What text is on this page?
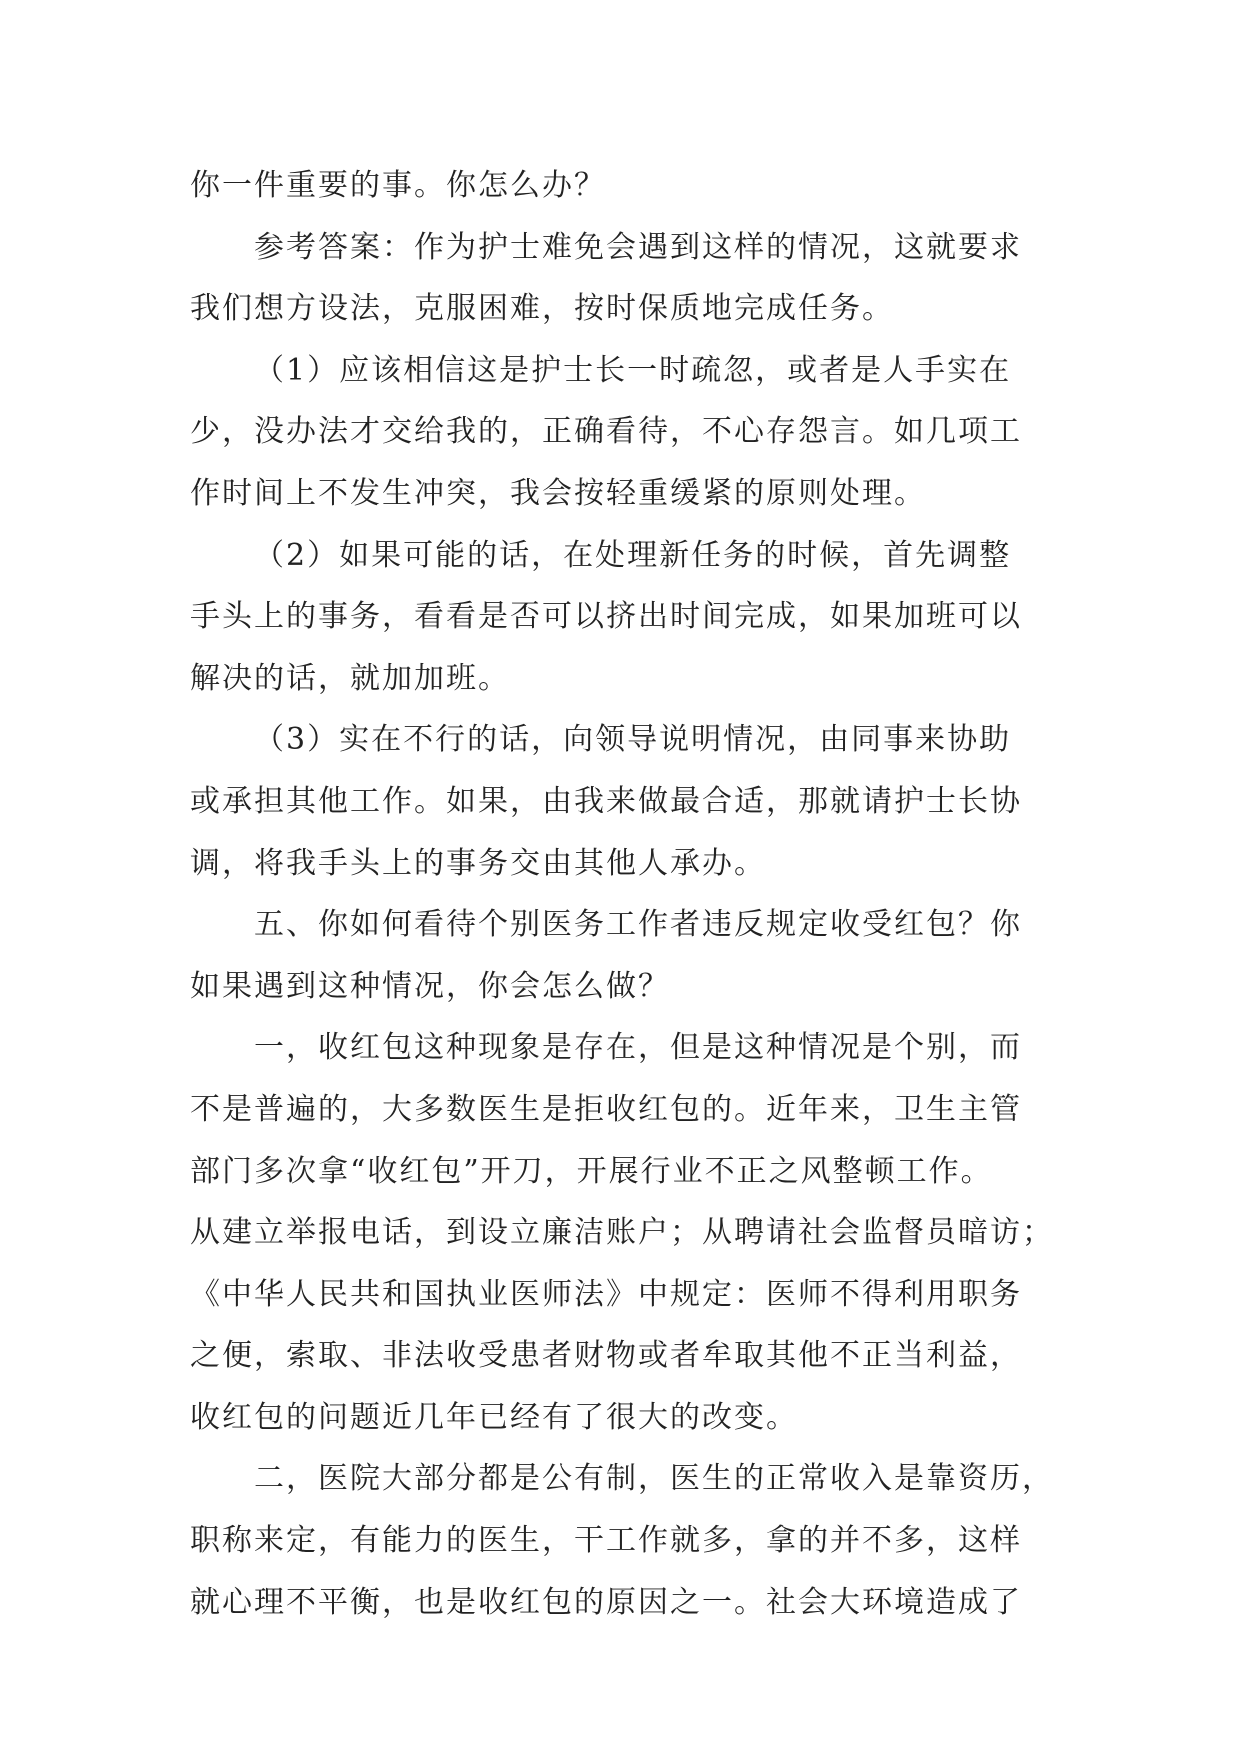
你一件重要的事。你怎么办？
参考答案：作为护士难免会遇到这样的情况，这就要求
我们想方设法，克服困难，按时保质地完成任务。
（1）应该相信这是护士长一时疏忽，或者是人手实在
少，没办法才交给我的，正确看待，不心存怨言。如几项工
作时间上不发生冲突，我会按轻重缓紧的原则处理。
（2）如果可能的话，在处理新任务的时候，首先调整
手头上的事务，看看是否可以挤出时间完成，如果加班可以
解决的话，就加加班。
（3）实在不行的话，向领导说明情况，由同事来协助
或承担其他工作。如果，由我来做最合适，那就请护士长协
调，将我手头上的事务交由其他人承办。
五、你如何看待个别医务工作者违反规定收受红包？你
如果遇到这种情况，你会怎么做？
一，收红包这种现象是存在，但是这种情况是个别，而
不是普遍的，大多数医生是拒收红包的。近年来，卫生主管
部门多次拿“收红包”开刀，开展行业不正之风整顿工作。
从建立举报电话，到设立廉洁账户；从聘请社会监督员暗访；
《中华人民共和国执业医师法》中规定：医师不得利用职务
之便，索取、非法收受患者财物或者牟取其他不正当利益，
收红包的问题近几年已经有了很大的改变。
二，医院大部分都是公有制，医生的正常收入是靠资历，
职称来定，有能力的医生，干工作就多，拿的并不多，这样
就心理不平衡，也是收红包的原因之一。社会大环境造成了
